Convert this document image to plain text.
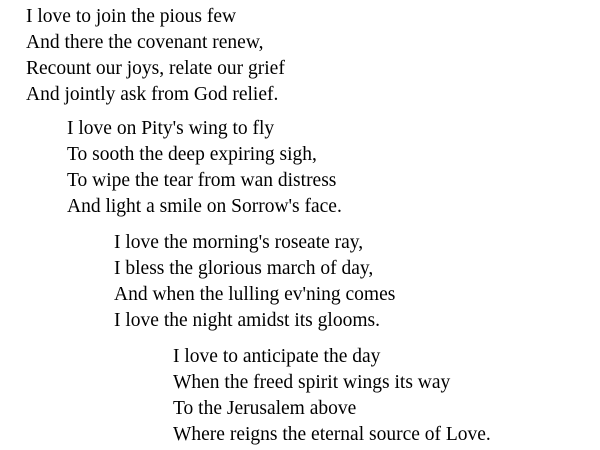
I love to join the pious few
And there the covenant renew,
Recount our joys, relate our grief
And jointly ask from God relief.
I love on Pity's wing to fly
To sooth the deep expiring sigh,
To wipe the tear from wan distress
And light a smile on Sorrow's face.
I love the morning's roseate ray,
I bless the glorious march of day,
And when the lulling ev'ning comes
I love the night amidst its glooms.
I love to anticipate the day
When the freed spirit wings its way
To the Jerusalem above
Where reigns the eternal source of Love.
